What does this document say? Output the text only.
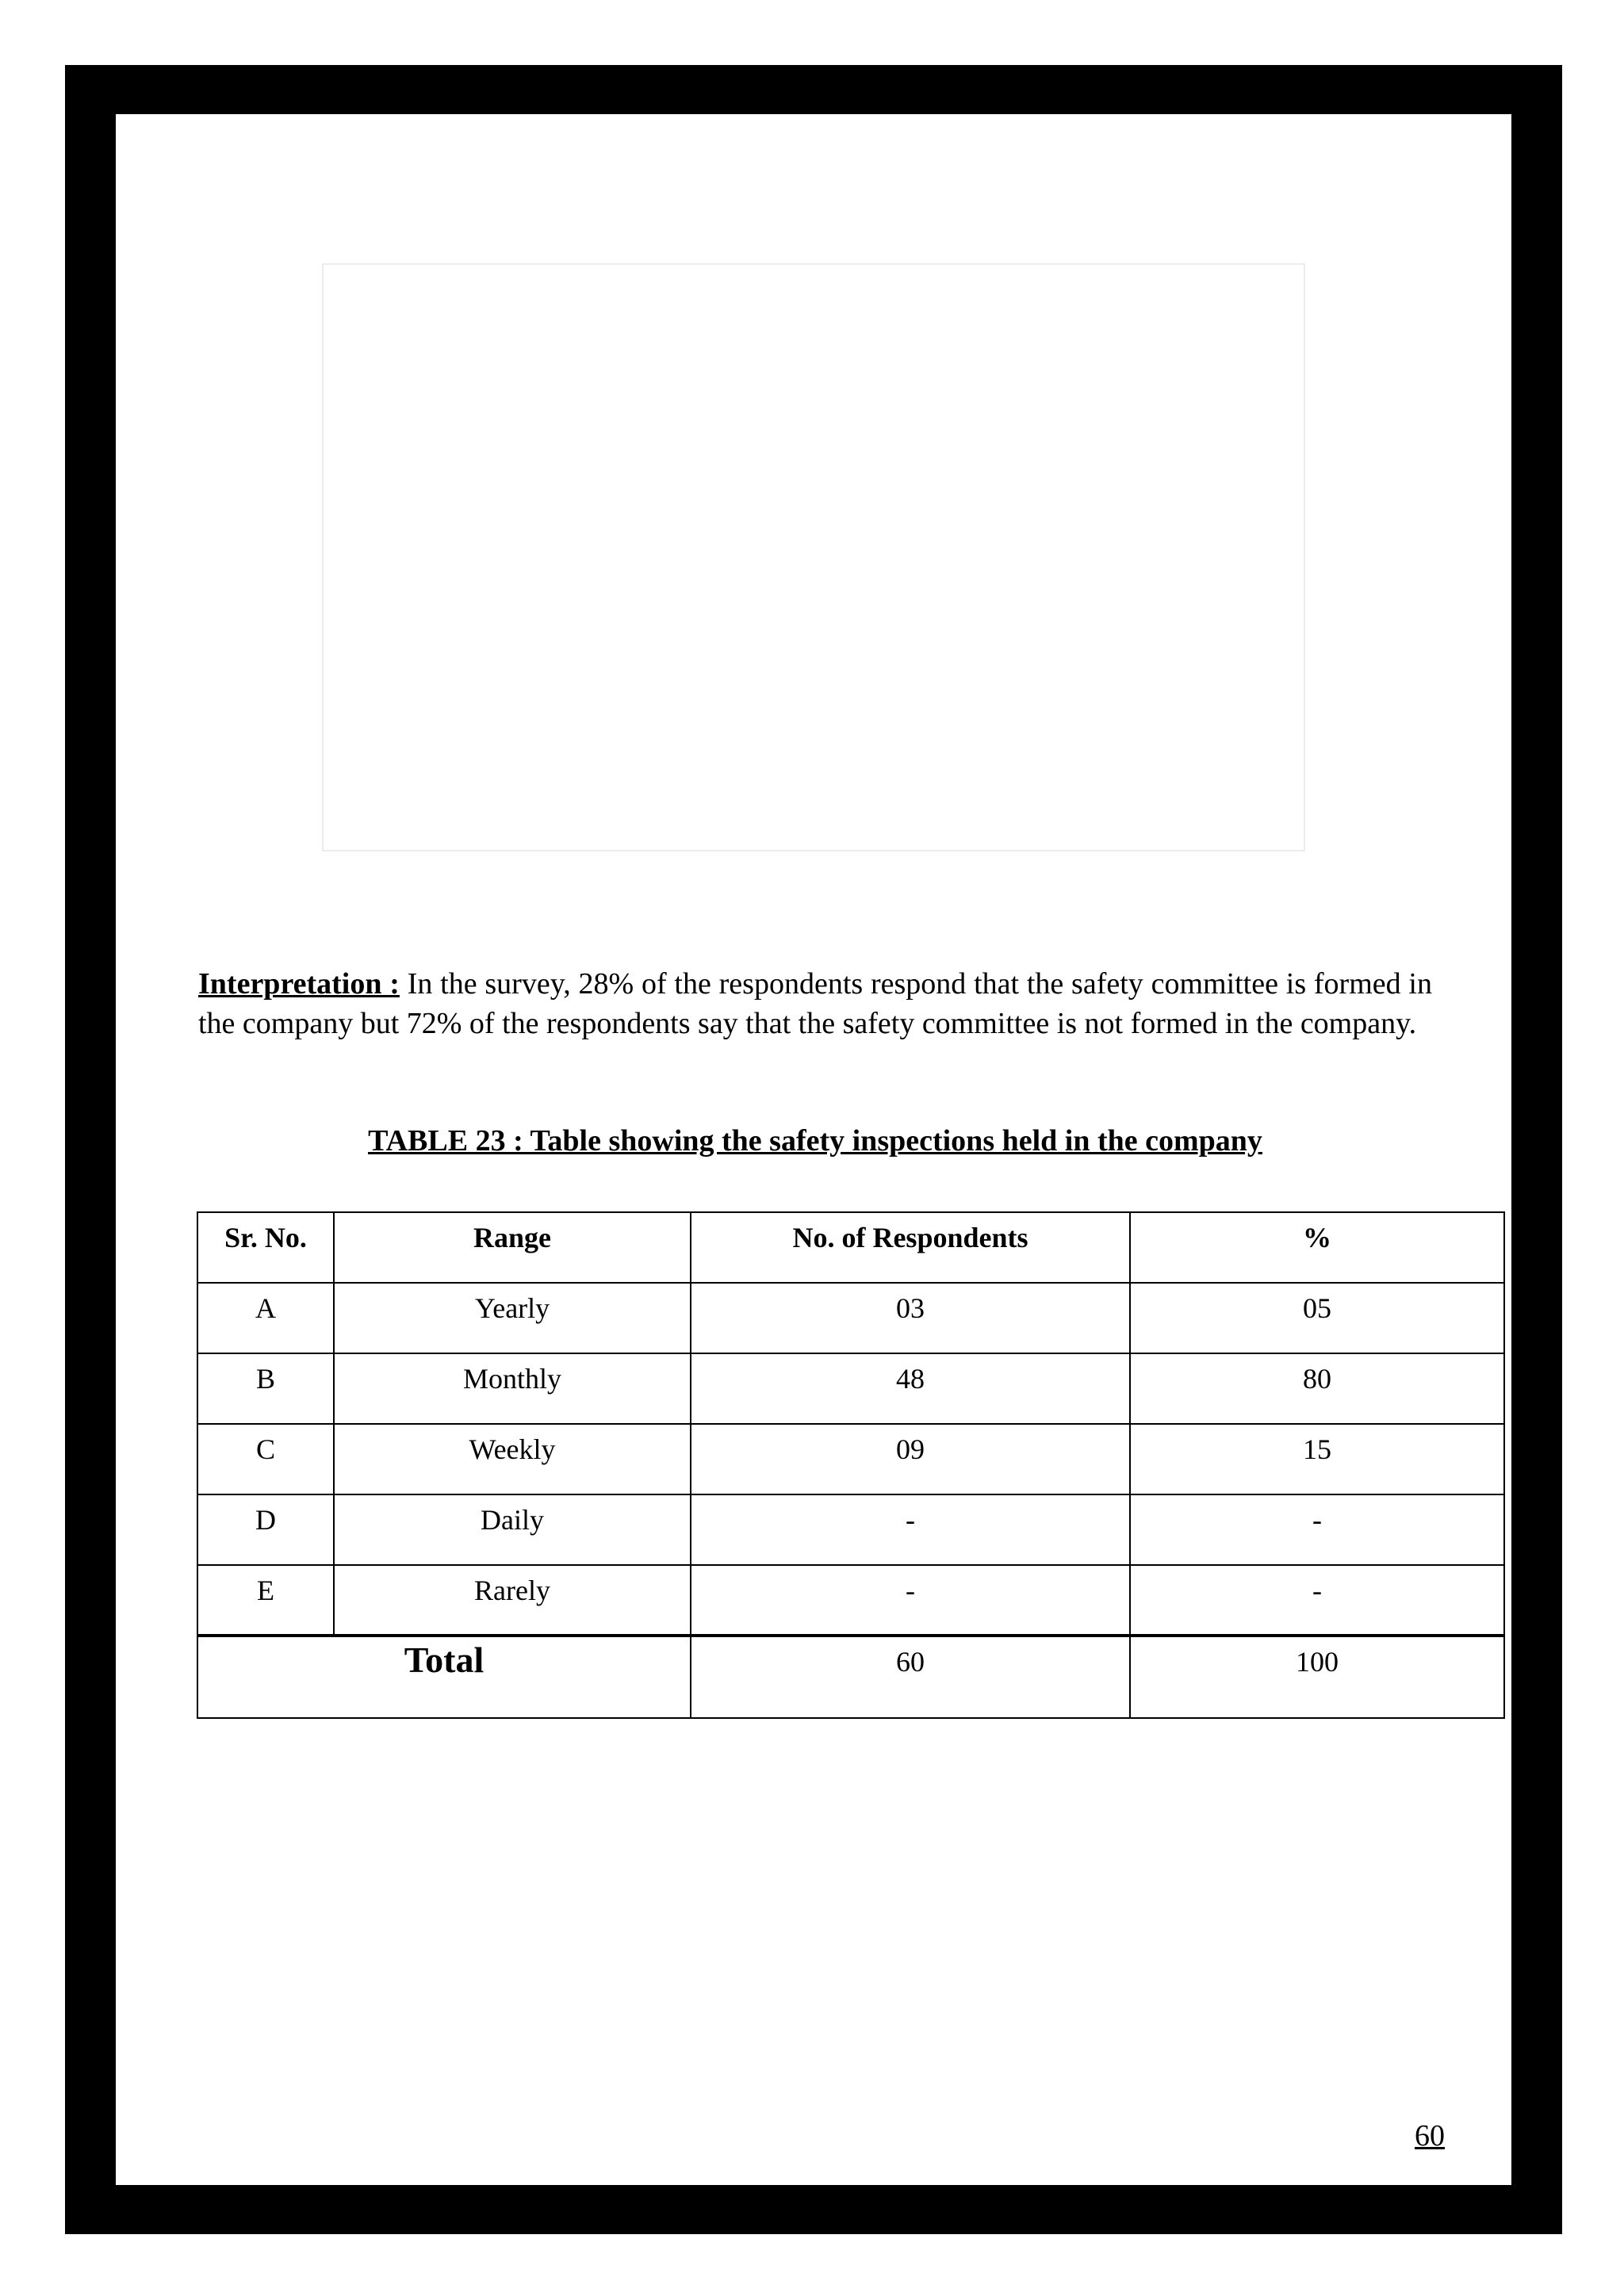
Interpretation : In the survey, 28% of the respondents respond that the safety committee is formed in the company but 72% of the respondents say that the safety committee is not formed in the company.

TABLE 23 : Table showing the safety inspections held in the company
Sr. No.	Range	No. of Respondents	%
A	Yearly	03	05
B	Monthly	48	80
C	Weekly	09	15
D	Daily	-	-
E	Rarely	-	-
Total		60	100
60
